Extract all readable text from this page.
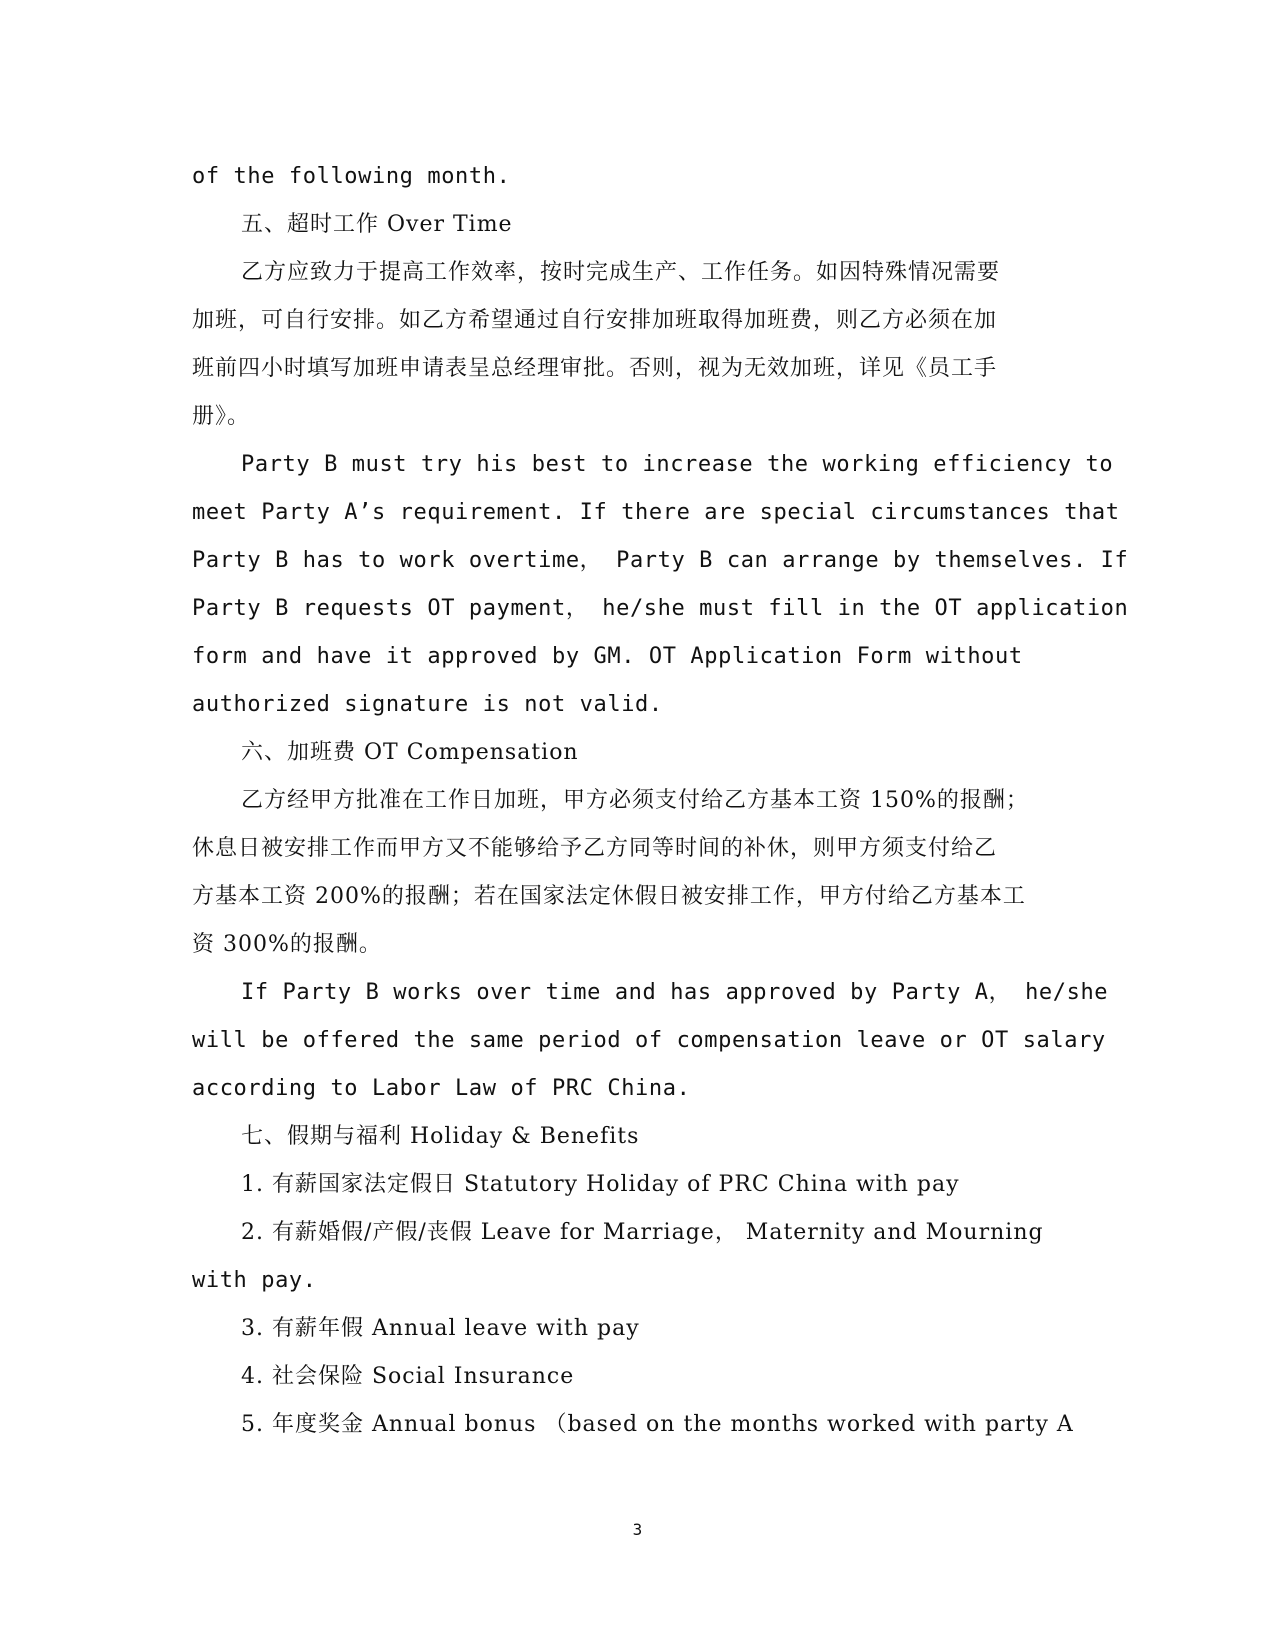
of the following month.

五、超时工作 Over Time

乙方应致力于提高工作效率，按时完成生产、工作任务。如因特殊情况需要

加班，可自行安排。如乙方希望通过自行安排加班取得加班费，则乙方必须在加

班前四小时填写加班申请表呈总经理审批。否则，视为无效加班，详见《员工手

册》。

Party B must try his best to increase the working efficiency to

meet Party A’s requirement. If there are special circumstances that

Party B has to work overtime， Party B can arrange by themselves. If

Party B requests OT payment， he/she must fill in the OT application

form and have it approved by GM. OT Application Form without

authorized signature is not valid.

六、加班费 OT Compensation

乙方经甲方批准在工作日加班，甲方必须支付给乙方基本工资 150%的报酬；

休息日被安排工作而甲方又不能够给予乙方同等时间的补休，则甲方须支付给乙

方基本工资 200%的报酬；若在国家法定休假日被安排工作，甲方付给乙方基本工

资 300%的报酬。

If Party B works over time and has approved by Party A， he/she

will be offered the same period of compensation leave or OT salary

according to Labor Law of PRC China.

七、假期与福利 Holiday & Benefits

1. 有薪国家法定假日 Statutory Holiday of PRC China with pay

2. 有薪婚假/产假/丧假 Leave for Marriage， Maternity and Mourning

with pay.

3. 有薪年假 Annual leave with pay

4. 社会保险 Social Insurance

5. 年度奖金 Annual bonus （based on the months worked with party A

3
